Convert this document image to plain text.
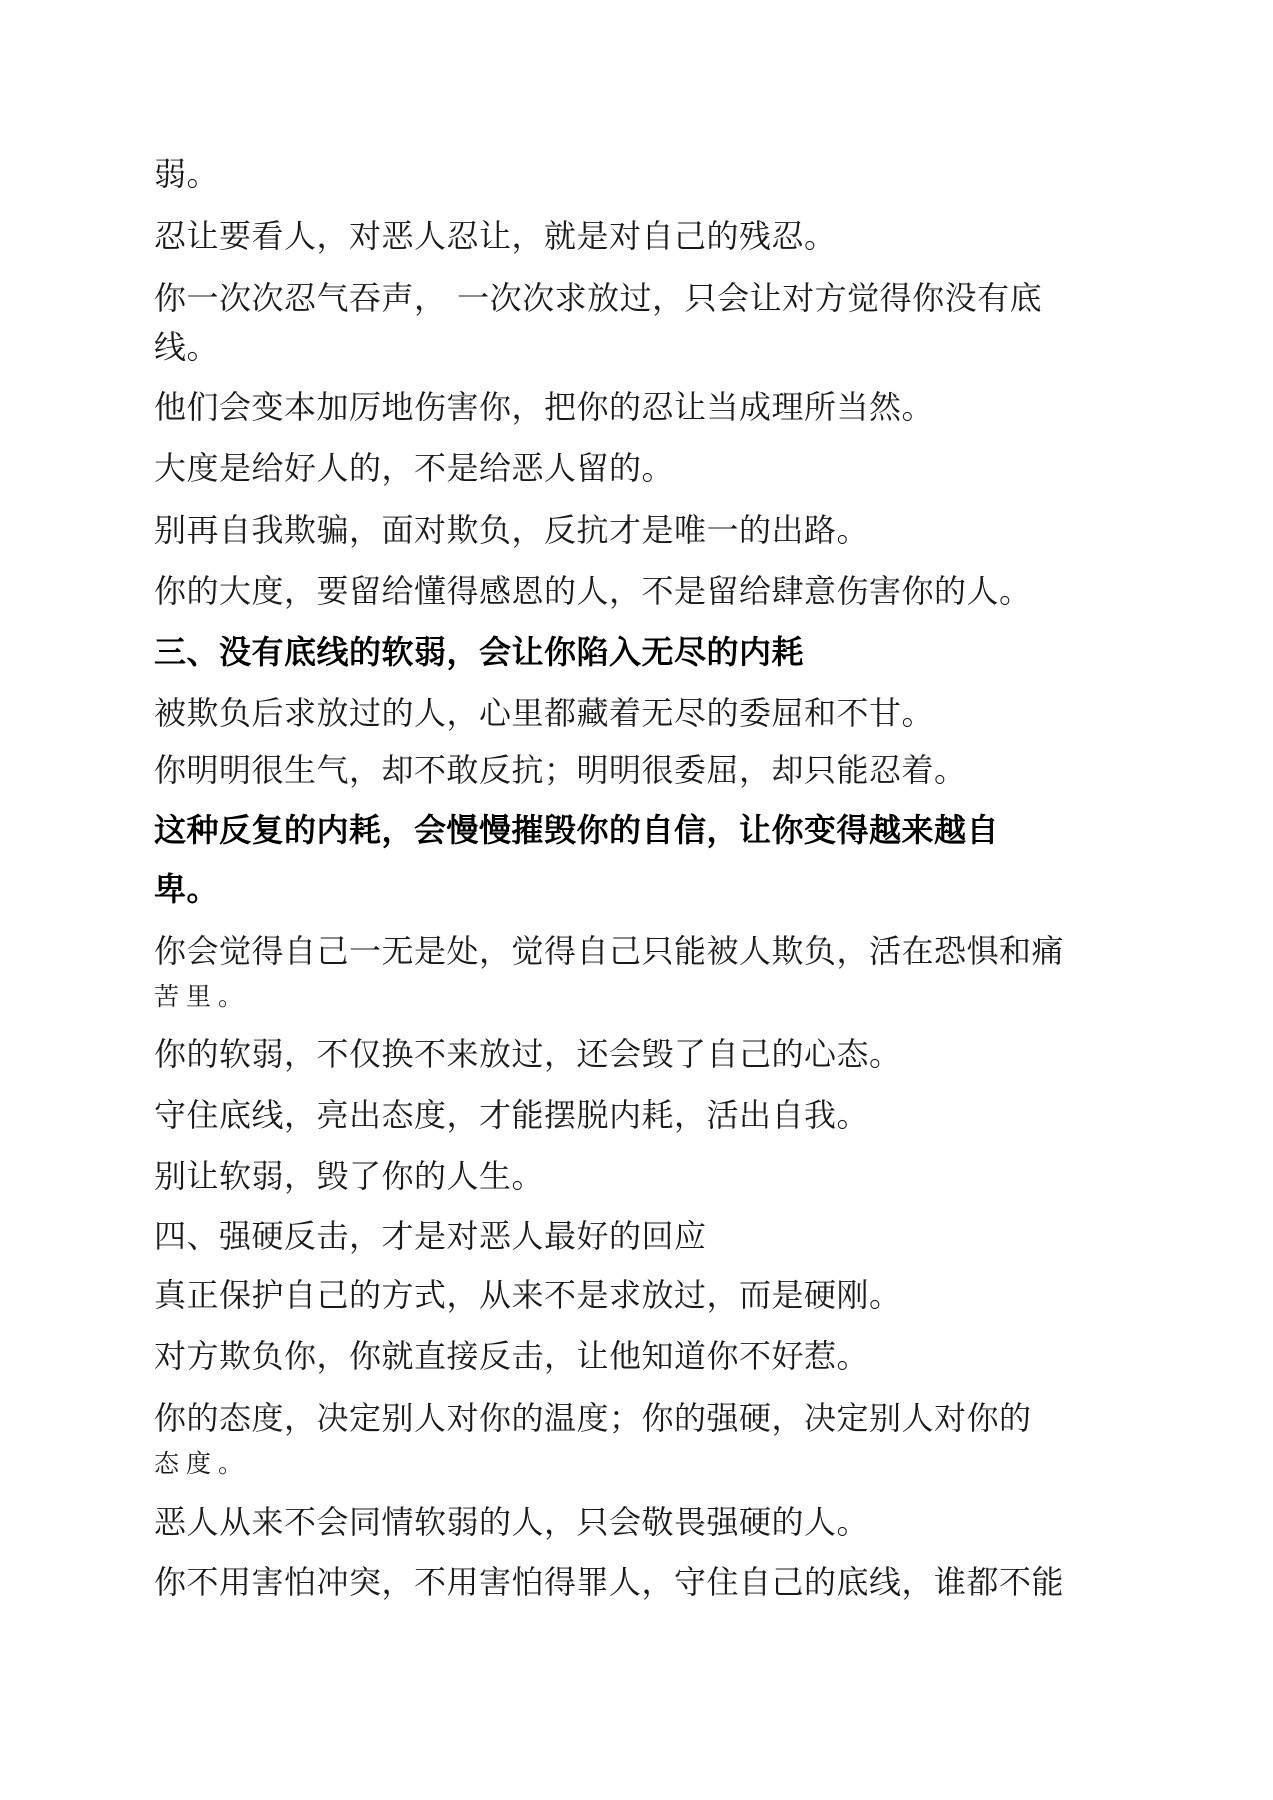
弱。

忍让要看人，对恶人忍让，就是对自己的残忍。

你一次次忍气吞声， 一次次求放过，只会让对方觉得你没有底

线。

他们会变本加厉地伤害你，把你的忍让当成理所当然。

大度是给好人的，不是给恶人留的。

别再自我欺骗，面对欺负，反抗才是唯一的出路。

你的大度，要留给懂得感恩的人，不是留给肆意伤害你的人。

三、没有底线的软弱，会让你陷入无尽的内耗

被欺负后求放过的人，心里都藏着无尽的委屈和不甘。

你明明很生气，却不敢反抗；明明很委屈，却只能忍着。

这种反复的内耗，会慢慢摧毁你的自信，让你变得越来越自

卑。

你会觉得自己一无是处，觉得自己只能被人欺负，活在恐惧和痛

苦里。

你的软弱，不仅换不来放过，还会毁了自己的心态。

守住底线，亮出态度，才能摆脱内耗，活出自我。

别让软弱，毁了你的人生。

四、强硬反击，才是对恶人最好的回应

真正保护自己的方式，从来不是求放过，而是硬刚。

对方欺负你，你就直接反击，让他知道你不好惹。

你的态度，决定别人对你的温度；你的强硬，决定别人对你的

态度。

恶人从来不会同情软弱的人，只会敬畏强硬的人。

你不用害怕冲突，不用害怕得罪人，守住自己的底线，谁都不能
